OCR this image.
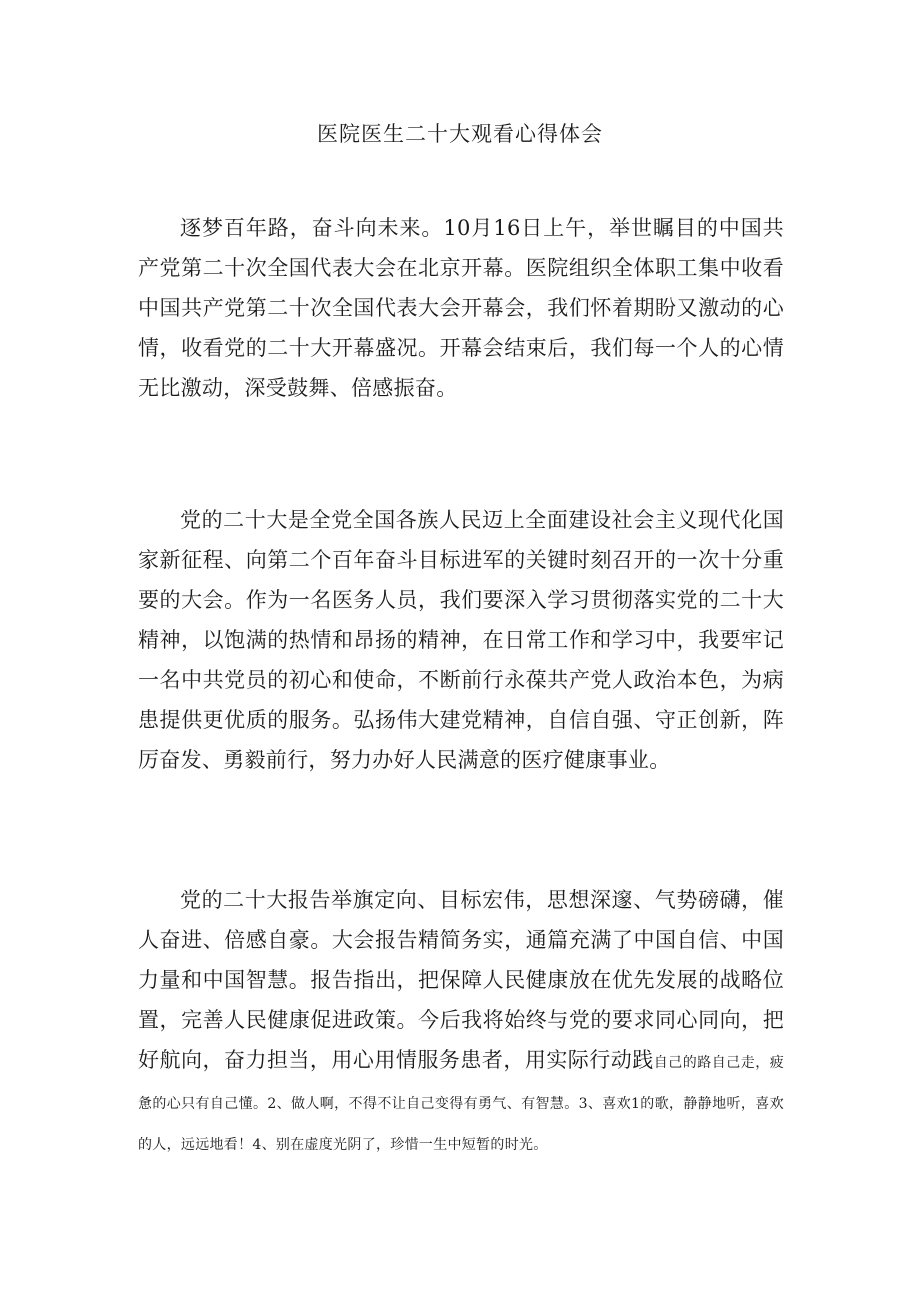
医院医生二十大观看心得体会

逐梦百年路，奋斗向未来。10月16日上午，举世瞩目的中国共产党第二十次全国代表大会在北京开幕。医院组织全体职工集中收看中国共产党第二十次全国代表大会开幕会，我们怀着期盼又激动的心情，收看党的二十大开幕盛况。开幕会结束后，我们每一个人的心情无比激动，深受鼓舞、倍感振奋。

党的二十大是全党全国各族人民迈上全面建设社会主义现代化国家新征程、向第二个百年奋斗目标进军的关键时刻召开的一次十分重要的大会。作为一名医务人员，我们要深入学习贯彻落实党的二十大精神，以饱满的热情和昂扬的精神，在日常工作和学习中，我要牢记一名中共党员的初心和使命，不断前行永葆共产党人政治本色，为病患提供更优质的服务。弘扬伟大建党精神，自信自强、守正创新，阵厉奋发、勇毅前行，努力办好人民满意的医疗健康事业。

党的二十大报告举旗定向、目标宏伟，思想深邃、气势磅礴，催人奋进、倍感自豪。大会报告精简务实，通篇充满了中国自信、中国力量和中国智慧。报告指出，把保障人民健康放在优先发展的战略位置，完善人民健康促进政策。今后我将始终与党的要求同心同向，把好航向，奋力担当，用心用情服务患者，用实际行动践自己的路自己走，疲惫的心只有自己懂。2、做人啊，不得不让自己变得有勇气、有智慧。3、喜欢1的歌，静静地听，喜欢的人，远远地看！4、别在虚度光阴了，珍惜一生中短暂的时光。
